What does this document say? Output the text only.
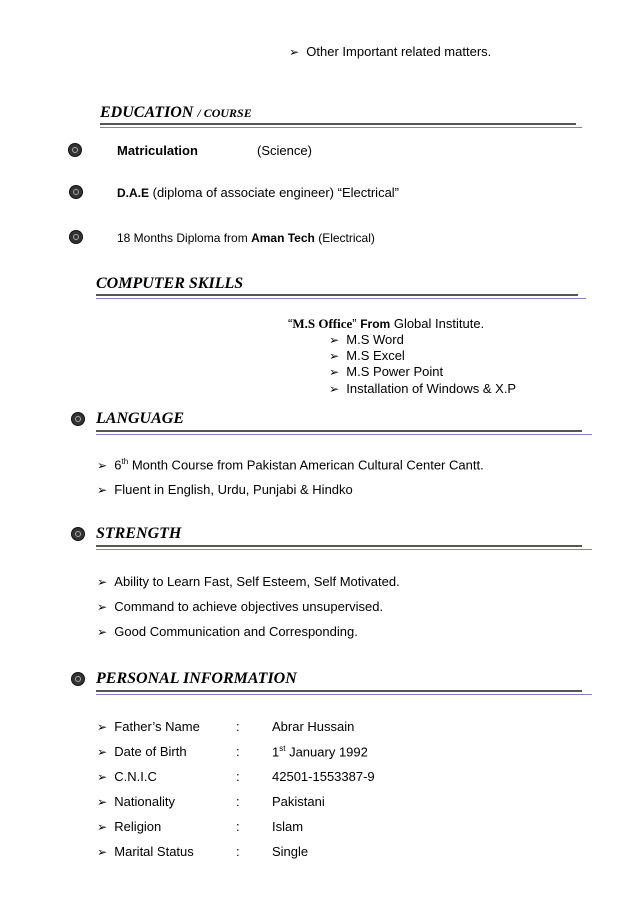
➢ Other Important related matters.
EDUCATION / COURSE
Matriculation	(Science)
D.A.E (diploma of associate engineer) “Electrical”
18 Months Diploma from Aman Tech (Electrical)
COMPUTER SKILLS
“M.S Office” From Global Institute.
➢ M.S Word
➢ M.S Excel
➢ M.S Power Point
➢ Installation of Windows & X.P
LANGUAGE
➢ 6th Month Course from Pakistan American Cultural Center Cantt.
➢ Fluent in English, Urdu, Punjabi & Hindko
STRENGTH
➢ Ability to Learn Fast, Self Esteem, Self Motivated.
➢ Command to achieve objectives unsupervised.
➢ Good Communication and Corresponding.
PERSONAL INFORMATION
➢ Father’s Name	: Abrar Hussain
➢ Date of Birth	: 1st January 1992
➢ C.N.I.C	: 42501-1553387-9
➢ Nationality	: Pakistani
➢ Religion	: Islam
➢ Marital Status	: Single
